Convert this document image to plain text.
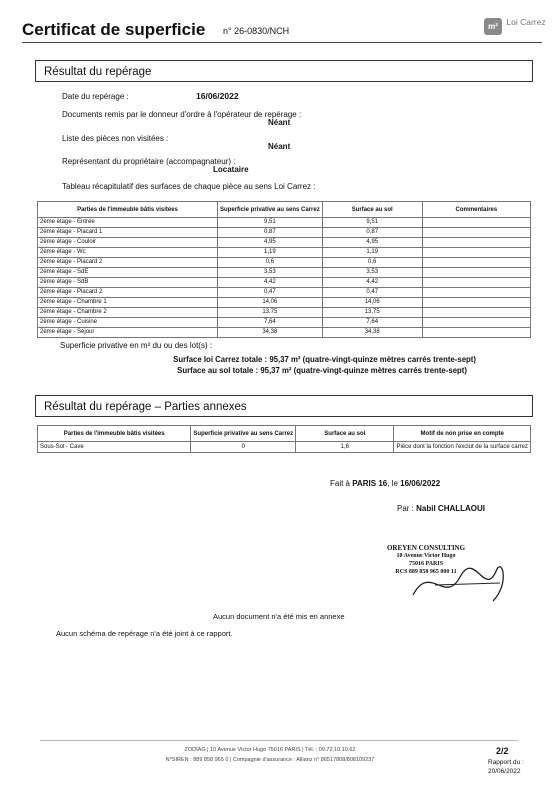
Certificat de superficie n° 26-0830/NCH	m²	Loi Carrez
Résultat du repérage
Date du repérage :	16/06/2022
Documents remis par le donneur d'ordre à l'opérateur de repérage :
Néant
Liste des pièces non visitées :
Néant
Représentant du propriétaire (accompagnateur) :
Locataire
Tableau récapitulatif des surfaces de chaque pièce au sens Loi Carrez :
Parties de l'immeuble bâtis visitées	Superficie privative au sens Carrez	Surface au sol	Commentaires
2ème étage - Entrée	9,51	9,51	
2ème étage - Placard 1	0,87	0,87	
2ème étage - Couloir	4,95	4,95	
2ème étage - Wc	1,19	1,19	
2ème étage - Placard 2	0,6	0,6	
2ème étage - SdE	3,53	3,53	
2ème étage - SdB	4,42	4,42	
2ème étage - Placard 2	0,47	0,47	
2ème étage - Chambre 1	14,06	14,06	
2ème étage - Chambre 2	13,75	13,75	
2ème étage - Cuisine	7,64	7,64	
2ème étage - Séjour	34,38	34,38	
Superficie privative en m² du ou des lot(s) :
Surface loi Carrez totale : 95,37 m² (quatre-vingt-quinze mètres carrés trente-sept)
Surface au sol totale : 95,37 m² (quatre-vingt-quinze mètres carrés trente-sept)
Résultat du repérage – Parties annexes
Parties de l'immeuble bâtis visitées	Superficie privative au sens Carrez	Surface au sol	Motif de non prise en compte
Sous-Sol - Cave	0	1,6	Pièce dont la fonction l'exclut de la surface carrez
Fait à PARIS 16, le 16/06/2022
Par : Nabil CHALLAOUI
OREYEN CONSULTING
10 Avenue Victor Hugo
75016 PARIS
RCS 889 858 965 000 11
Aucun document n'a été mis en annexe
Aucun schéma de repérage n'a été joint à ce rapport.
ZODIAG | 10 Avenue Victor Hugo 75016 PARIS | Tél. : 09.72.10.10.62
N°SIREN : 889 858 965 0 | Compagnie d'assurance : Allianz n° 86517808/808109237
2/2
Rapport du :
20/06/2022
